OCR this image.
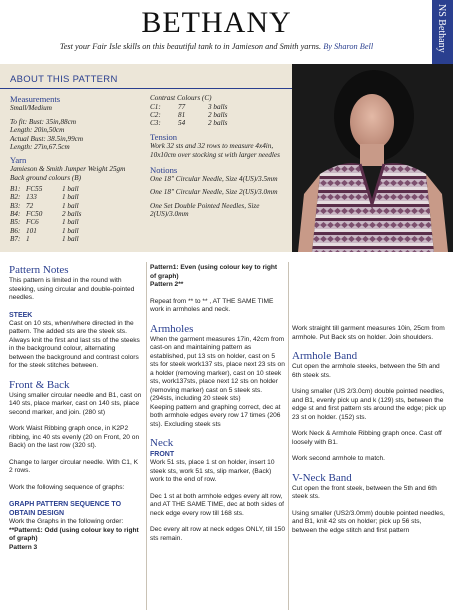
BETHANY
Test your Fair Isle skills on this beautiful tank to in Jamieson and Smith yarns. By Sharon Bell	NS Bethany
ABOUT THIS PATTERN
Measurements
Small/Medium
To fit: Bust: 35in,88cm
Length: 20in,50cm
Actual Bust: 38.5in,99cm
Length: 27in,67.5cm
Yarn
Jamieson & Smith Jumper Weight 25gm
Back ground colours (B)
B1: FC55	1 ball
B2: 133	1 ball
B3: 72	1 ball
B4: FC50	2 balls
B5: FC6	1 ball
B6: 101	1 ball
B7: 1	1 ball
Contrast Colours (C)
C1:	77	3 balls
C2:	81	2 balls
C3:	54	2 balls
Tension
Work 32 sts and 32 rows to measure 4x4in, 10x10cm over stocking st with larger needles
Notions
One 18" Circular Needle, Size 4(US)/3.5mm
One 18" Circular Needle, Size 2(US)/3.0mm
One Set Double Pointed Needles, Size 2(US)/3.0mm
Pattern Notes

This pattern is limited in the round with steeking, using circular and double-pointed needles.

STEEK

Cast on 10 sts, when/where directed in the pattern. The added sts are the steek sts. Always knit the first and last sts of the steeks in the background colour, alternating between the background and contrast colors for the steek stitches between.

Front & Back

Using smaller circular needle and B1, cast on 140 sts, place marker, cast on 140 sts, place second marker, and join. (280 st)

Work Waist Ribbing graph once, in K2P2 ribbing, inc 40 sts evenly (20 on Front, 20 on Back) on the last row (320 st).

Change to larger circular needle. With C1, K 2 rows.

Work the following sequence of graphs:

GRAPH PATTERN SEQUENCE TO OBTAIN DESIGN

Work the Graphs in the following order:

**Pattern1: Odd (using colour key to right of graph)

Pattern 3

Pattern1: Even (using colour key to right of graph)

Pattern 2**

Repeat from ** to ** , AT THE SAME TIME work in armholes and neck.

Armholes

When the garment measures 17in, 42cm from cast-on and maintaining pattern as established, put 13 sts on holder, cast on 5 sts for steek work137 sts, place next 23 sts on a holder (removing marker), cast on 10 steek sts, work137sts, place next 12 sts on holder (removing marker) cast on 5 steek sts. (294sts, including 20 steek sts)

Keeping pattern and graphing correct, dec at both armhole edges every row 17 times (206 sts). Excluding steek sts

Neck
FRONT

Work 51 sts, place 1 st on holder, insert 10 steek sts, work 51 sts, slip marker, (Back) work to the end of row.

Dec 1 st at both armhole edges every alt row, and AT THE SAME TIME, dec at both sides of neck edge every row till 168 sts.

Dec every alt row at neck edges ONLY, till 150 sts remain.

Work straight till garment measures 10in, 25cm from armhole. Put Back sts on holder. Join shoulders.

Armhole Band

Cut open the armhole steeks, between the 5th and 6th steek sts.

Using smaller (US 2/3.0cm) double pointed needles, and B1, evenly pick up and k (129) sts, between the edge st and first pattern sts around the edge; pick up 23 st on holder. (152) sts.

Work Neck & Armhole Ribbing graph once. Cast off loosely with B1.

Work second armhole to match.

V-Neck Band

Cut open the front steek, between the 5th and 6th steek sts.

Using smaller (US2/3.0mm) double pointed needles, and B1, knit 42 sts on holder; pick up 56 sts, between the edge stitch and first pattern
